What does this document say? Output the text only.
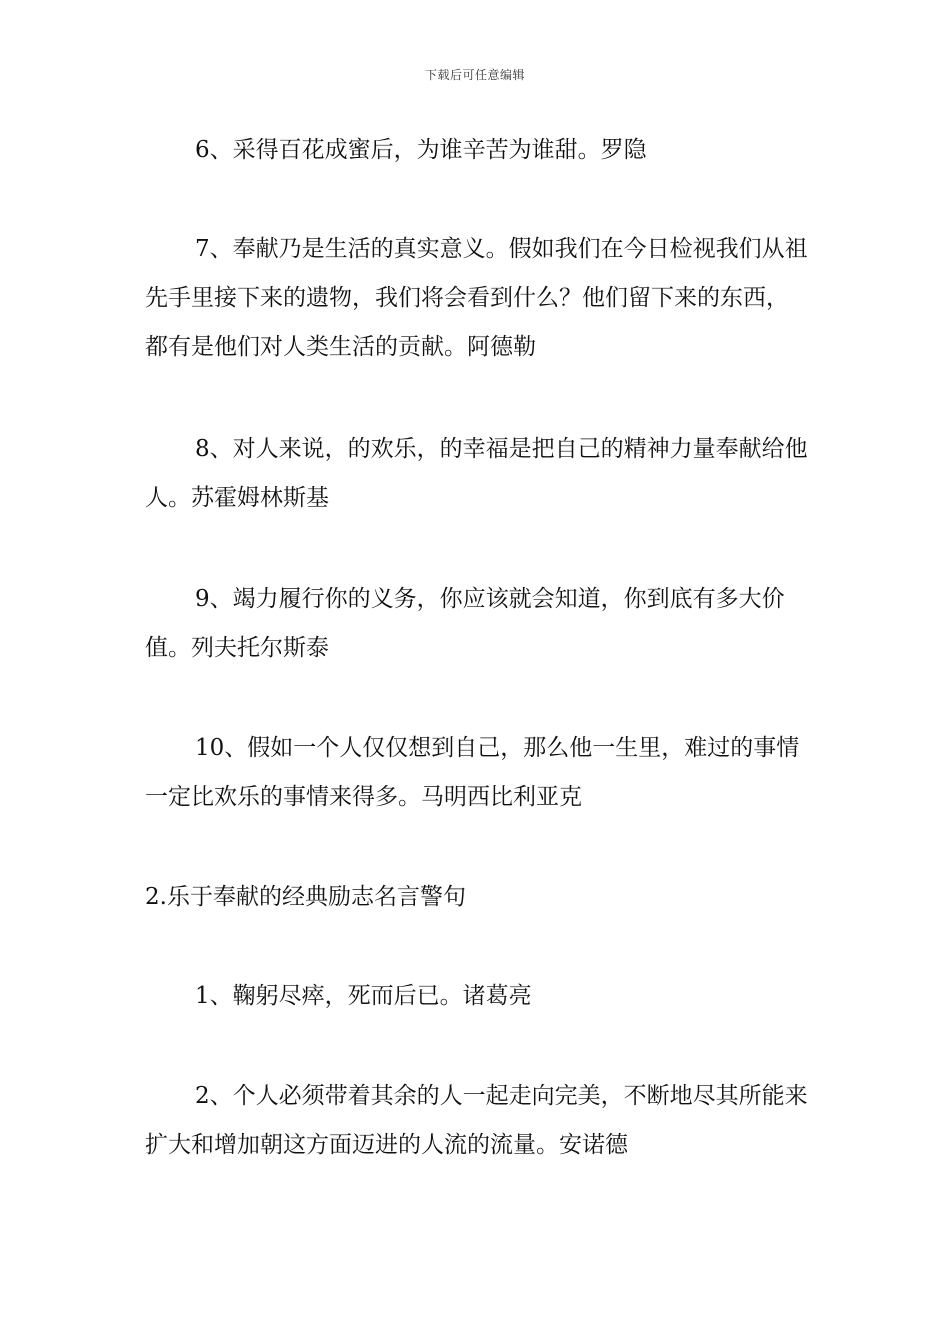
下载后可任意编辑

6、采得百花成蜜后，为谁辛苦为谁甜。罗隐

7、奉献乃是生活的真实意义。假如我们在今日检视我们从祖先手里接下来的遗物，我们将会看到什么？他们留下来的东西，都有是他们对人类生活的贡献。阿德勒

8、对人来说，的欢乐，的幸福是把自己的精神力量奉献给他人。苏霍姆林斯基

9、竭力履行你的义务，你应该就会知道，你到底有多大价值。列夫托尔斯泰

10、假如一个人仅仅想到自己，那么他一生里，难过的事情一定比欢乐的事情来得多。马明西比利亚克

2.乐于奉献的经典励志名言警句

1、鞠躬尽瘁，死而后已。诸葛亮

2、个人必须带着其余的人一起走向完美，不断地尽其所能来扩大和增加朝这方面迈进的人流的流量。安诺德
